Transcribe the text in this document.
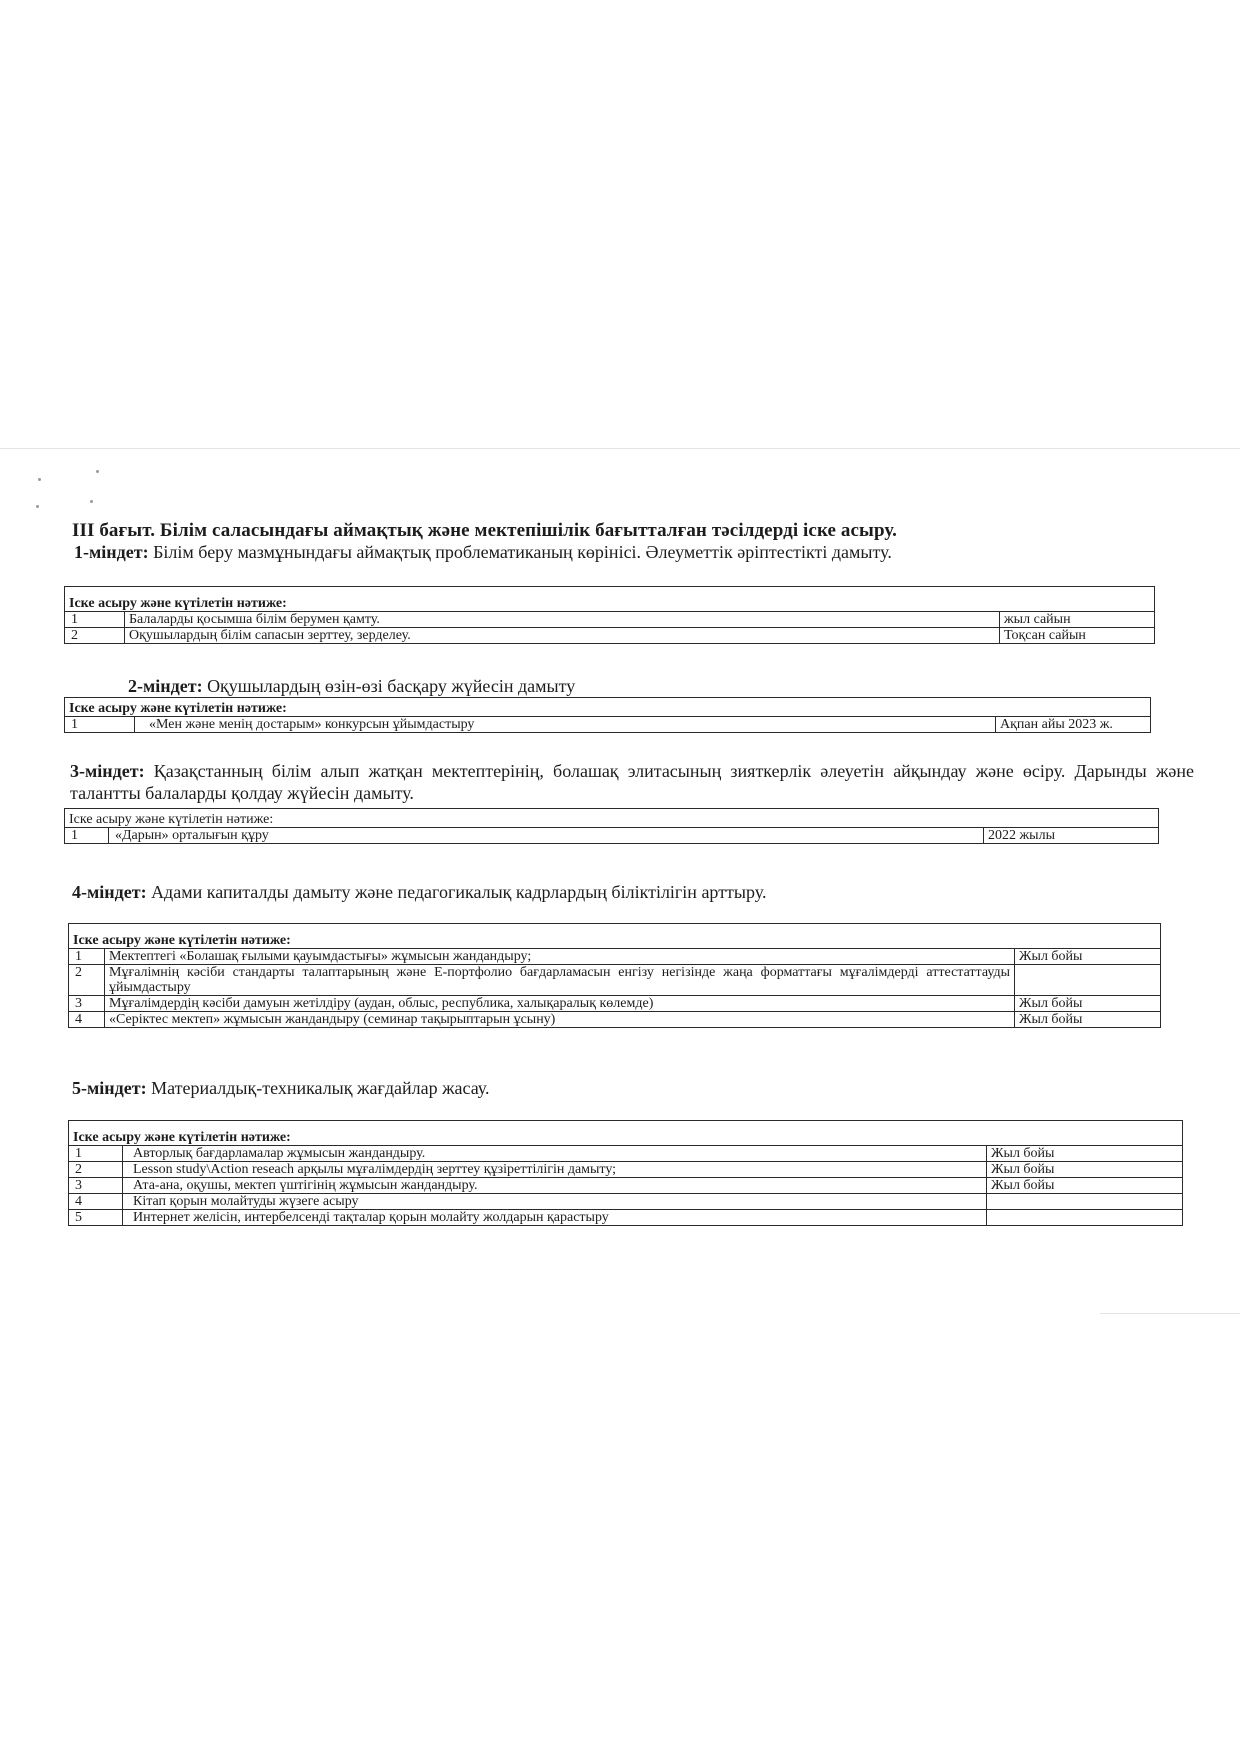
III бағыт. Білім саласындағы аймақтық және мектепішілік бағытталған тәсілдерді іске асыру.
1-міндет: Білім беру мазмұнындағы аймақтық проблематиканың көрінісі. Әлеуметтік әріптестікті дамыту.
Іске асыру және күтілетін нәтиже:		
1	Балаларды қосымша білім берумен қамту.	жыл сайын
2	Оқушылардың білім сапасын зерттеу, зерделеу.	Тоқсан сайын
2-міндет: Оқушылардың өзін-өзі басқару жүйесін дамыту
Іске асыру және күтілетін нәтиже:
1	«Мен және менің достарым» конкурсын ұйымдастыру	Ақпан айы 2023 ж.
3-міндет: Қазақстанның білім алып жатқан мектептерінің, болашақ элитасының зияткерлік әлеуетін айқындау және өсіру. Дарынды және талантты балаларды қолдау жүйесін дамыту.
Іске асыру және күтілетін нәтиже:
1	«Дарын» орталығын құру	2022 жылы
4-міндет: Адами капиталды дамыту және педагогикалық кадрлардың біліктілігін арттыру.
Іске асыру және күтілетін нәтиже:		
1	Мектептегі «Болашақ ғылыми қауымдастығы» жұмысын жандандыру;	Жыл бойы
2	Мұғалімнің кәсіби стандарты талаптарының және Е-портфолио бағдарламасын енгізу негізінде жаңа форматтағы мұғалімдерді аттестаттауды ұйымдастыру	
3	Мұғалімдердің кәсіби дамуын жетілдіру (аудан, облыс, республика, халықаралық көлемде)	Жыл бойы
4	«Серіктес мектеп» жұмысын жандандыру (семинар тақырыптарын ұсыну)	Жыл бойы
5-міндет: Материалдық-техникалық жағдайлар жасау.
Іске асыру және күтілетін нәтиже:		
1	Авторлық бағдарламалар жұмысын жандандыру.	Жыл бойы
2	Lesson study\Action reseach арқылы мұғалімдердің зерттеу құзіреттілігін дамыту;	Жыл бойы
3	Ата-ана, оқушы, мектеп үштігінің жұмысын жандандыру.	Жыл бойы
4	Кітап қорын молайтуды жүзеге асыру	
5	Интернет желісін, интербелсенді тақталар қорын молайту жолдарын қарастыру	
